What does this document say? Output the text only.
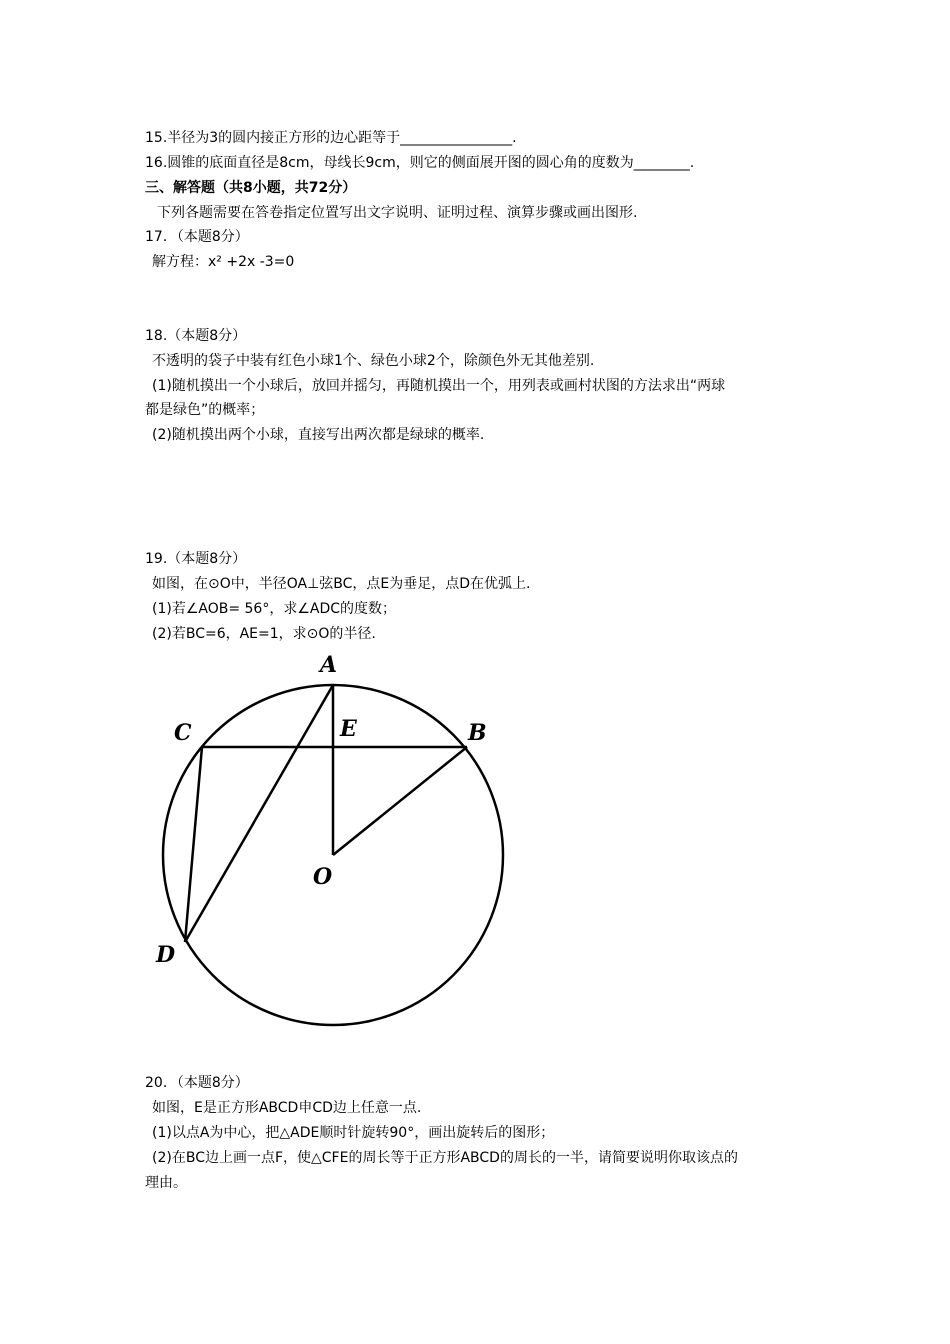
15.半径为3的圆内接正方形的边心距等于________________.
16.圆锥的底面直径是8cm，母线长9cm，则它的侧面展开图的圆心角的度数为________.
三、解答题（共8小题，共72分）
下列各题需要在答卷指定位置写出文字说明、证明过程、演算步骤或画出图形.
17．（本题8分）
解方程：x² +2x -3=0
18.（本题8分）
不透明的袋子中装有红色小球1个、绿色小球2个，除颜色外无其他差别.
(1)随机摸出一个小球后，放回并摇匀，再随机摸出一个，用列表或画村状图的方法求出“两球
都是绿色”的概率；
(2)随机摸出两个小球，直接写出两次都是绿球的概率.
19.（本题8分）
如图，在⊙O中，半径OA⊥弦BC，点E为垂足，点D在优弧上.
(1)若∠AOB= 56°，求∠ADC的度数；
(2)若BC=6，AE=1，求⊙O的半径.
A
B
C
D
E
O
20．（本题8分）
如图，E是正方形ABCD申CD边上任意一点.
(1)以点A为中心，把△ADE顺时针旋转90°，画出旋转后的图形；
(2)在BC边上画一点F，使△CFE的周长等于正方形ABCD的周长的一半，请简要说明你取该点的
理由。
